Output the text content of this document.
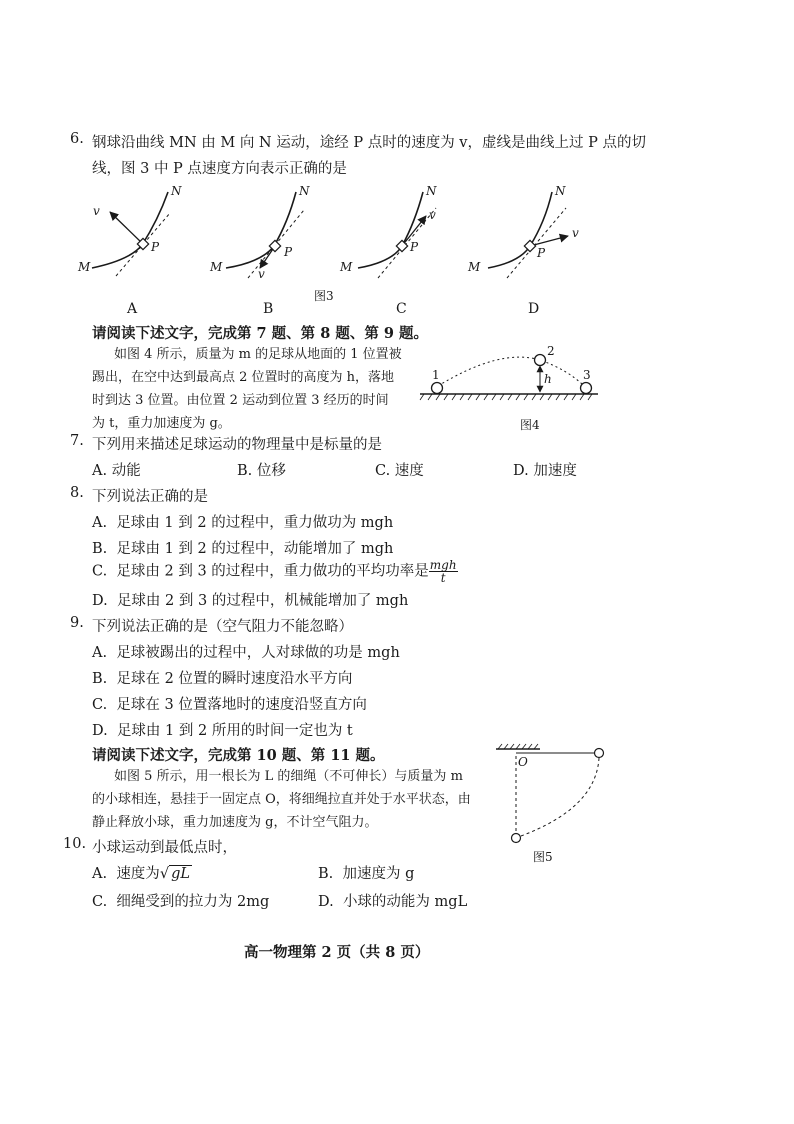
6. 钢球沿曲线 MN 由 M 向 N 运动，途经 P 点时的速度为 v，虚线是曲线上过 P 点的切
线，图 3 中 P 点速度方向表示正确的是
v
N
P
M
N
P
v
M
N
v
P
M
N
v
P
M
图3
A	B	C	D
请阅读下述文字，完成第 7 题、第 8 题、第 9 题。
如图 4 所示，质量为 m 的足球从地面的 1 位置被
踢出，在空中达到最高点 2 位置时的高度为 h，落地
时到达 3 位置。由位置 2 运动到位置 3 经历的时间
为 t，重力加速度为 g。
1
2
3
h
图4
7. 下列用来描述足球运动的物理量中是标量的是
A. 动能	B. 位移	C. 速度	D. 加速度
8. 下列说法正确的是
A. 足球由 1 到 2 的过程中，重力做功为 mgh
B. 足球由 1 到 2 的过程中，动能增加了 mgh
C. 足球由 2 到 3 的过程中，重力做功的平均功率是 $\frac{\text{mgh}}{t}$
D. 足球由 2 到 3 的过程中，机械能增加了 mgh
9. 下列说法正确的是（空气阻力不能忽略）
A. 足球被踢出的过程中，人对球做的功是 mgh
B. 足球在 2 位置的瞬时速度沿水平方向
C. 足球在 3 位置落地时的速度沿竖直方向
D. 足球由 1 到 2 所用的时间一定也为 t
请阅读下述文字，完成第 10 题、第 11 题。
如图 5 所示，用一根长为 L 的细绳（不可伸长）与质量为 m
的小球相连，悬挂于一固定点 O，将细绳拉直并处于水平状态，由
静止释放小球，重力加速度为 g，不计空气阻力。
O
图5
10. 小球运动到最低点时，
A. 速度为√ gL	B. 加速度为 g
C. 细绳受到的拉力为 2mg	D. 小球的动能为 mgL
高一物理第 2 页（共 8 页）
